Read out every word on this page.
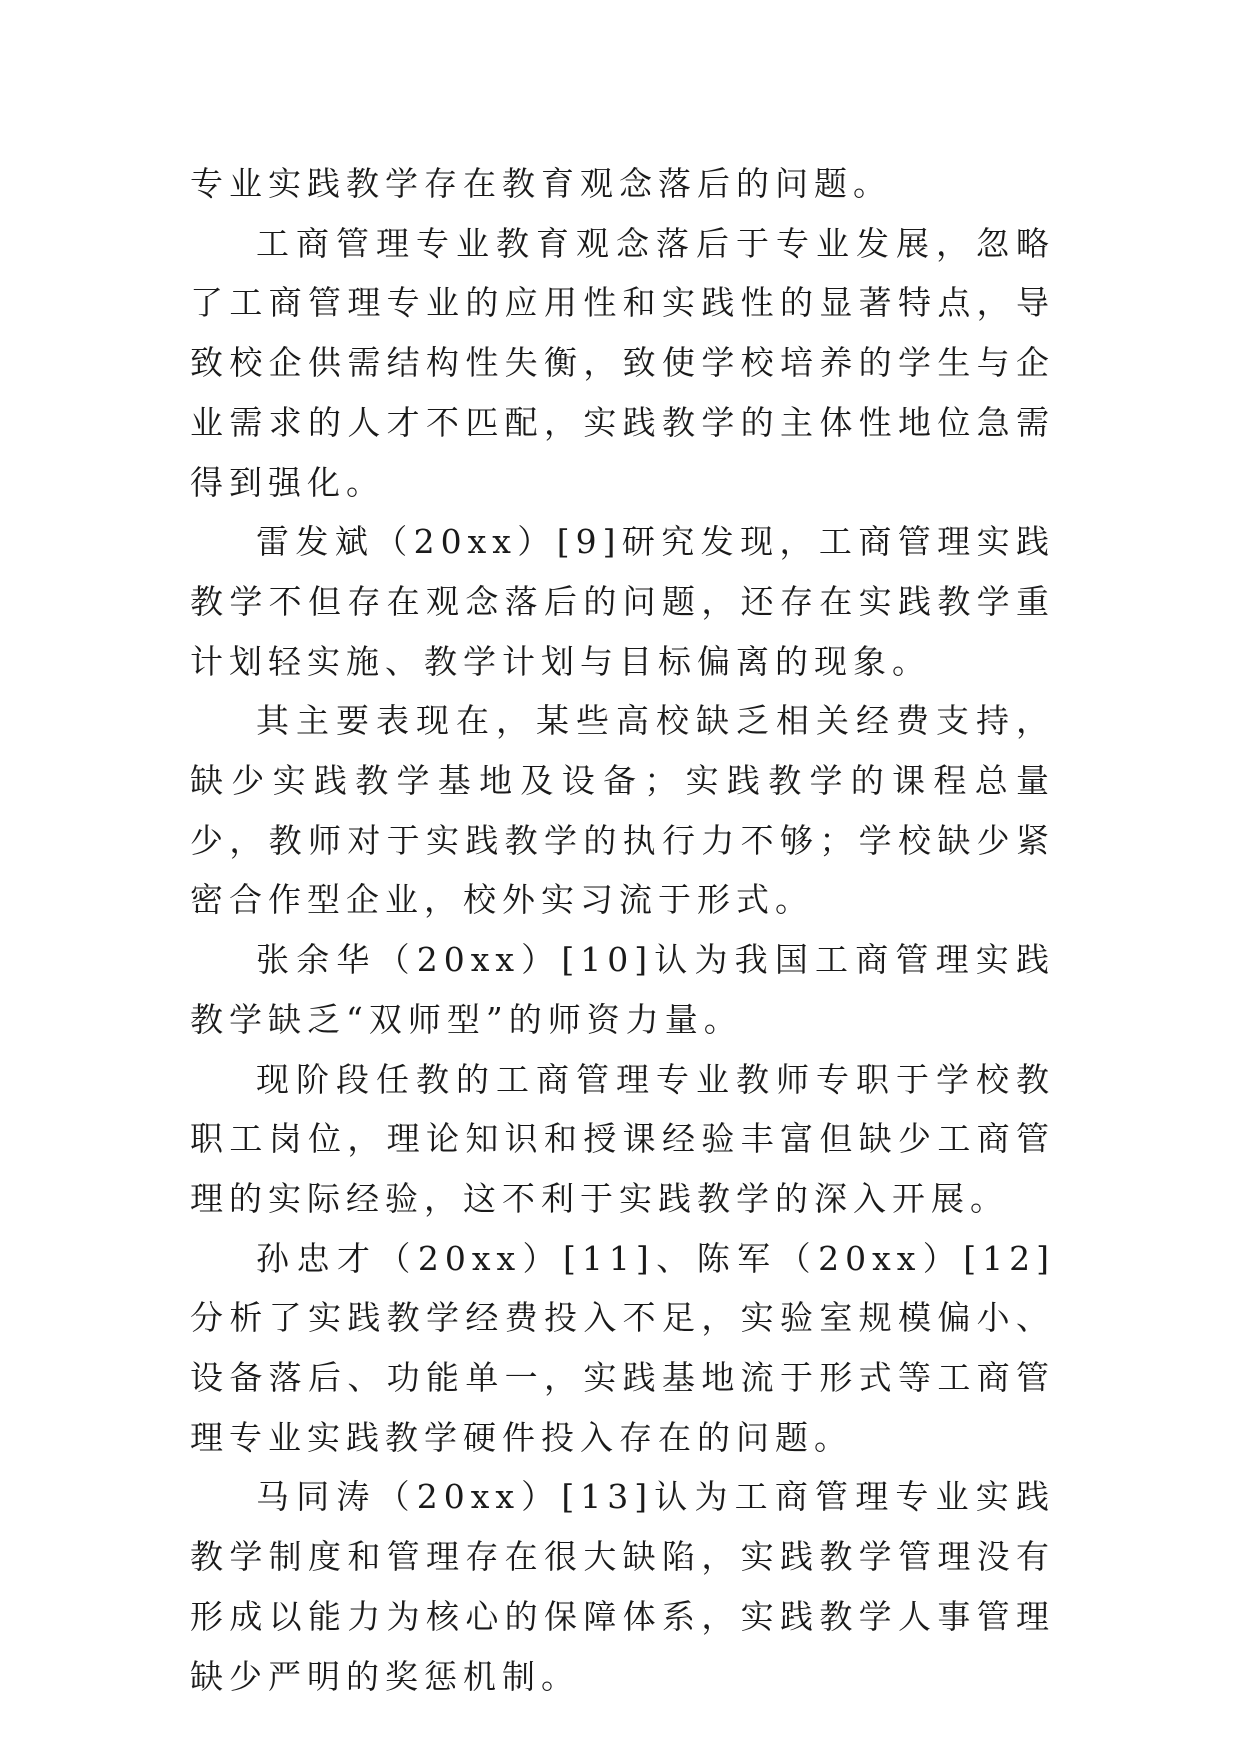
专业实践教学存在教育观念落后的问题。

工商管理专业教育观念落后于专业发展，忽略了工商管理专业的应用性和实践性的显著特点，导致校企供需结构性失衡，致使学校培养的学生与企业需求的人才不匹配，实践教学的主体性地位急需得到强化。

雷发斌（20xx）[9]研究发现，工商管理实践教学不但存在观念落后的问题，还存在实践教学重计划轻实施、教学计划与目标偏离的现象。

其主要表现在，某些高校缺乏相关经费支持，缺少实践教学基地及设备；实践教学的课程总量少，教师对于实践教学的执行力不够；学校缺少紧密合作型企业，校外实习流于形式。

张余华（20xx）[10]认为我国工商管理实践教学缺乏“双师型”的师资力量。

现阶段任教的工商管理专业教师专职于学校教职工岗位，理论知识和授课经验丰富但缺少工商管理的实际经验，这不利于实践教学的深入开展。

孙忠才（20xx）[11]、陈军（20xx）[12]分析了实践教学经费投入不足，实验室规模偏小、设备落后、功能单一，实践基地流于形式等工商管理专业实践教学硬件投入存在的问题。

马同涛（20xx）[13]认为工商管理专业实践教学制度和管理存在很大缺陷，实践教学管理没有形成以能力为核心的保障体系，实践教学人事管理缺少严明的奖惩机制。
